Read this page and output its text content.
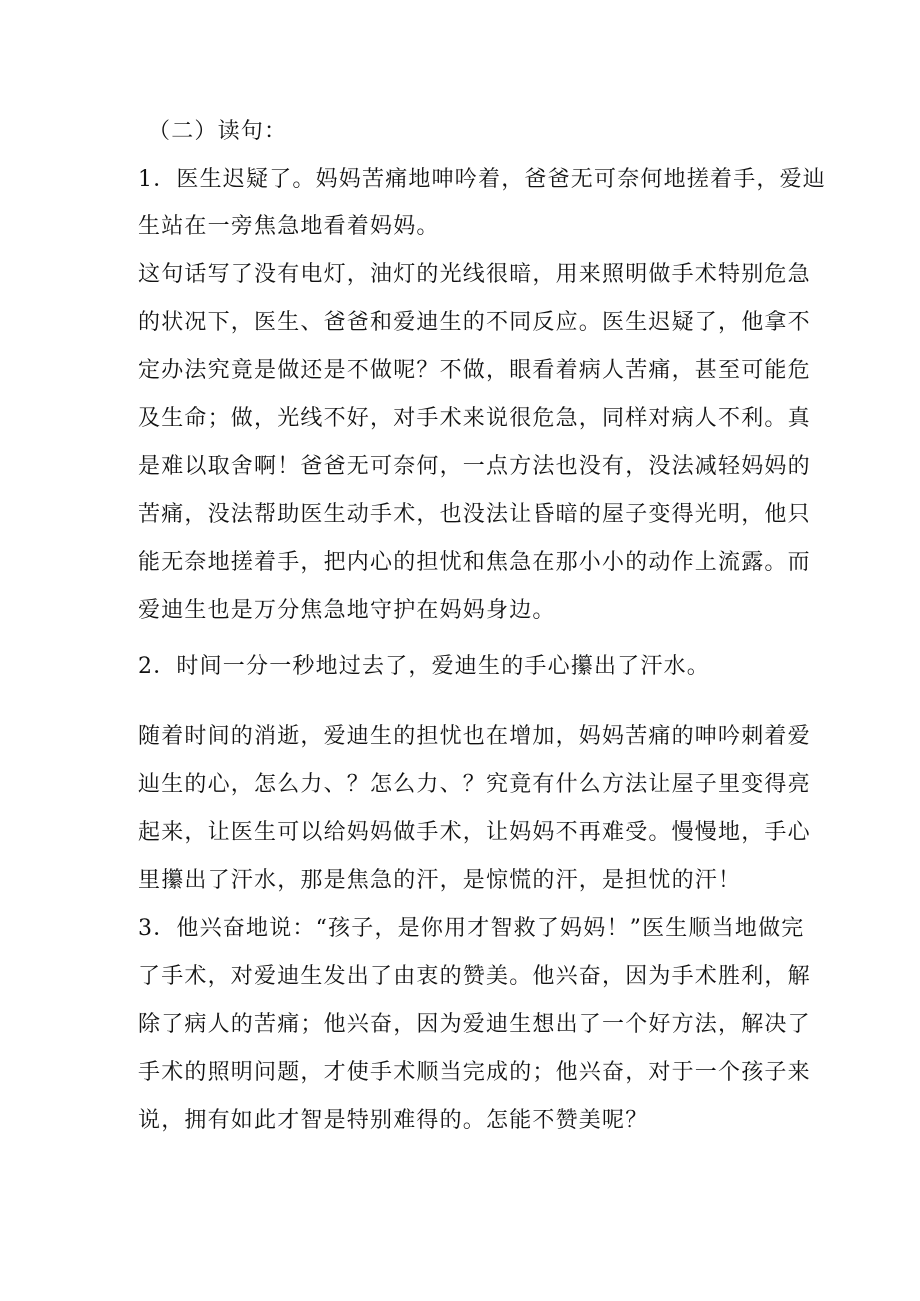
（二）读句：
1．医生迟疑了。妈妈苦痛地呻吟着，爸爸无可奈何地搓着手，爱辿
生站在一旁焦急地看着妈妈。
这句话写了没有电灯，油灯的光线很暗，用来照明做手术特别危急
的状况下，医生、爸爸和爱迪生的不同反应。医生迟疑了，他拿不
定办法究竟是做还是不做呢？不做，眼看着病人苦痛，甚至可能危
及生命；做，光线不好，对手术来说很危急，同样对病人不利。真
是难以取舍啊！爸爸无可奈何，一点方法也没有，没法减轻妈妈的
苦痛，没法帮助医生动手术，也没法让昏暗的屋子变得光明，他只
能无奈地搓着手，把内心的担忧和焦急在那小小的动作上流露。而
爱迪生也是万分焦急地守护在妈妈身边。
2．时间一分一秒地过去了，爱迪生的手心攥出了汗水。
随着时间的消逝，爱迪生的担忧也在增加，妈妈苦痛的呻吟刺着爱
辿生的心，怎么力、？怎么力、？究竟有什么方法让屋子里变得亮
起来，让医生可以给妈妈做手术，让妈妈不再难受。慢慢地，手心
里攥出了汗水，那是焦急的汗，是惊慌的汗，是担忧的汗！
3．他兴奋地说：“孩子，是你用才智救了妈妈！”医生顺当地做完
了手术，对爱迪生发出了由衷的赞美。他兴奋，因为手术胜利，解
除了病人的苦痛；他兴奋，因为爱迪生想出了一个好方法，解决了
手术的照明问题，才使手术顺当完成的；他兴奋，对于一个孩子来
说，拥有如此才智是特别难得的。怎能不赞美呢？
